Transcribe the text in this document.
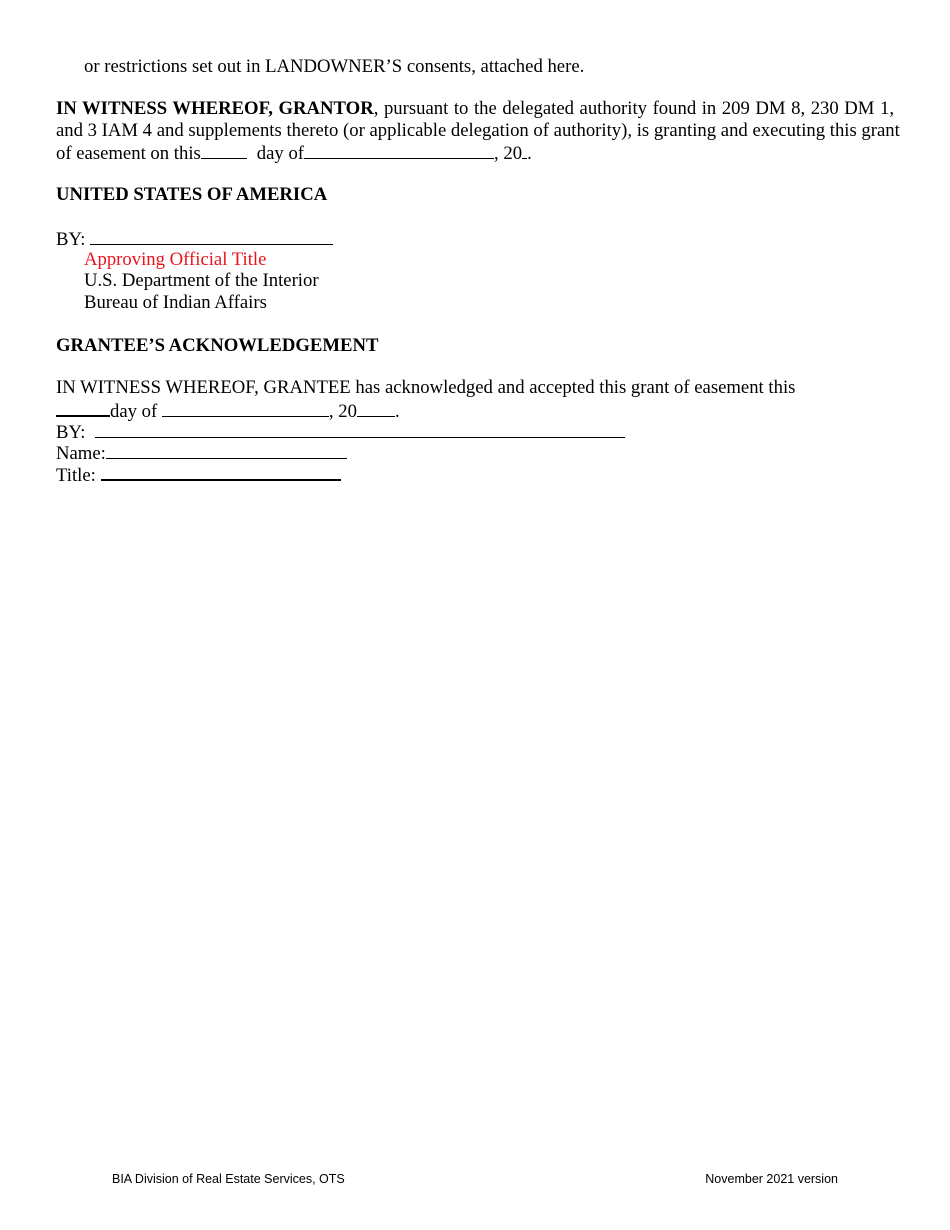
or restrictions set out in LANDOWNER’S consents, attached here.
IN WITNESS WHEREOF, GRANTOR, pursuant to the delegated authority found in 209 DM 8, 230 DM 1,
and 3 IAM 4 and supplements thereto (or applicable delegation of authority), is granting and executing this grant
of easement on this	day of	, 20 .
UNITED STATES OF AMERICA
BY:
Approving Official Title
U.S. Department of the Interior
Bureau of Indian Affairs
GRANTEE’S ACKNOWLEDGEMENT
IN WITNESS WHEREOF, GRANTEE has acknowledged and accepted this grant of easement this
day of	, 20 .
BY:
Name:
Title:
BIA Division of Real Estate Services, OTS	November 2021 version
